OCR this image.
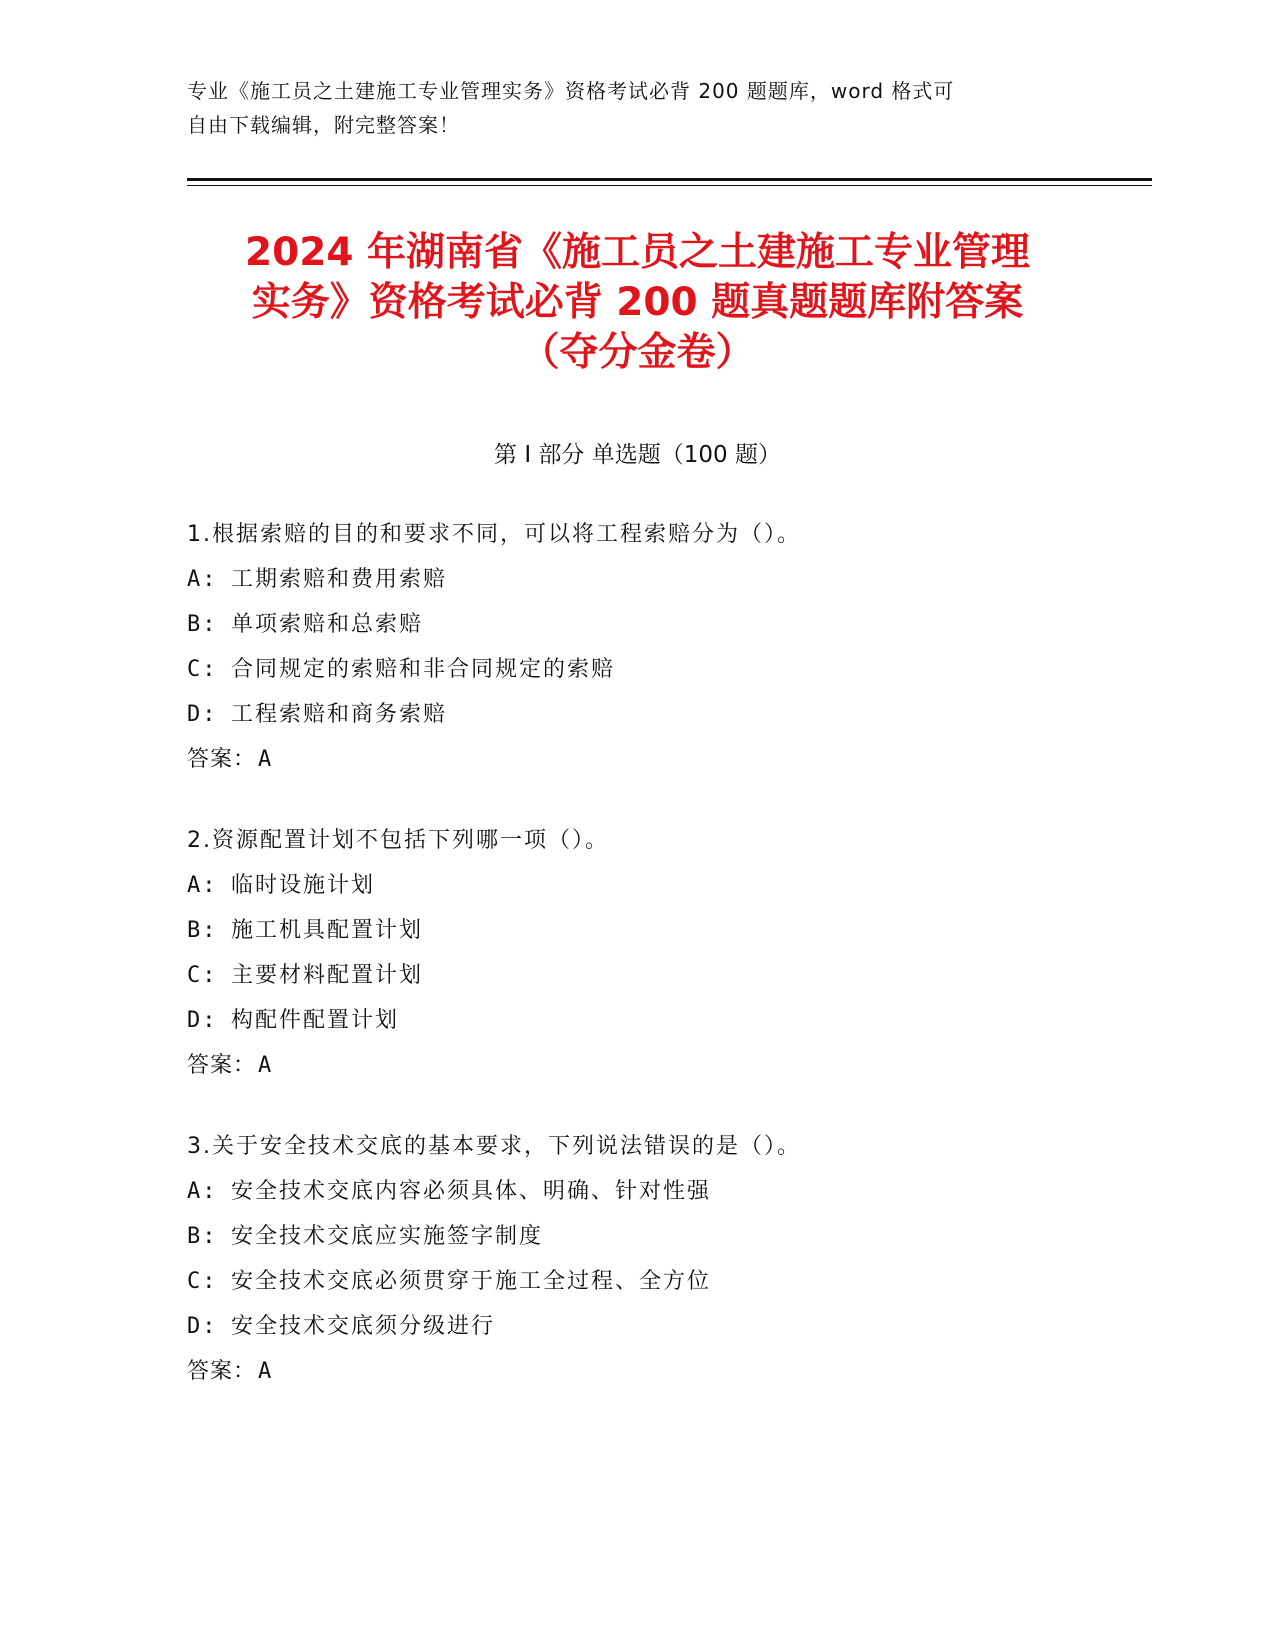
专业《施工员之土建施工专业管理实务》资格考试必背 200 题题库，word 格式可
自由下载编辑，附完整答案！
2024 年湖南省《施工员之土建施工专业管理
实务》资格考试必背 200 题真题题库附答案
（夺分金卷）
第 I 部分 单选题（100 题）
1.根据索赔的目的和要求不同，可以将工程索赔分为（）。
A: 工期索赔和费用索赔
B: 单项索赔和总索赔
C: 合同规定的索赔和非合同规定的索赔
D: 工程索赔和商务索赔
答案：A
2.资源配置计划不包括下列哪一项（）。
A: 临时设施计划
B: 施工机具配置计划
C: 主要材料配置计划
D: 构配件配置计划
答案：A
3.关于安全技术交底的基本要求，下列说法错误的是（）。
A: 安全技术交底内容必须具体、明确、针对性强
B: 安全技术交底应实施签字制度
C: 安全技术交底必须贯穿于施工全过程、全方位
D: 安全技术交底须分级进行
答案：A
